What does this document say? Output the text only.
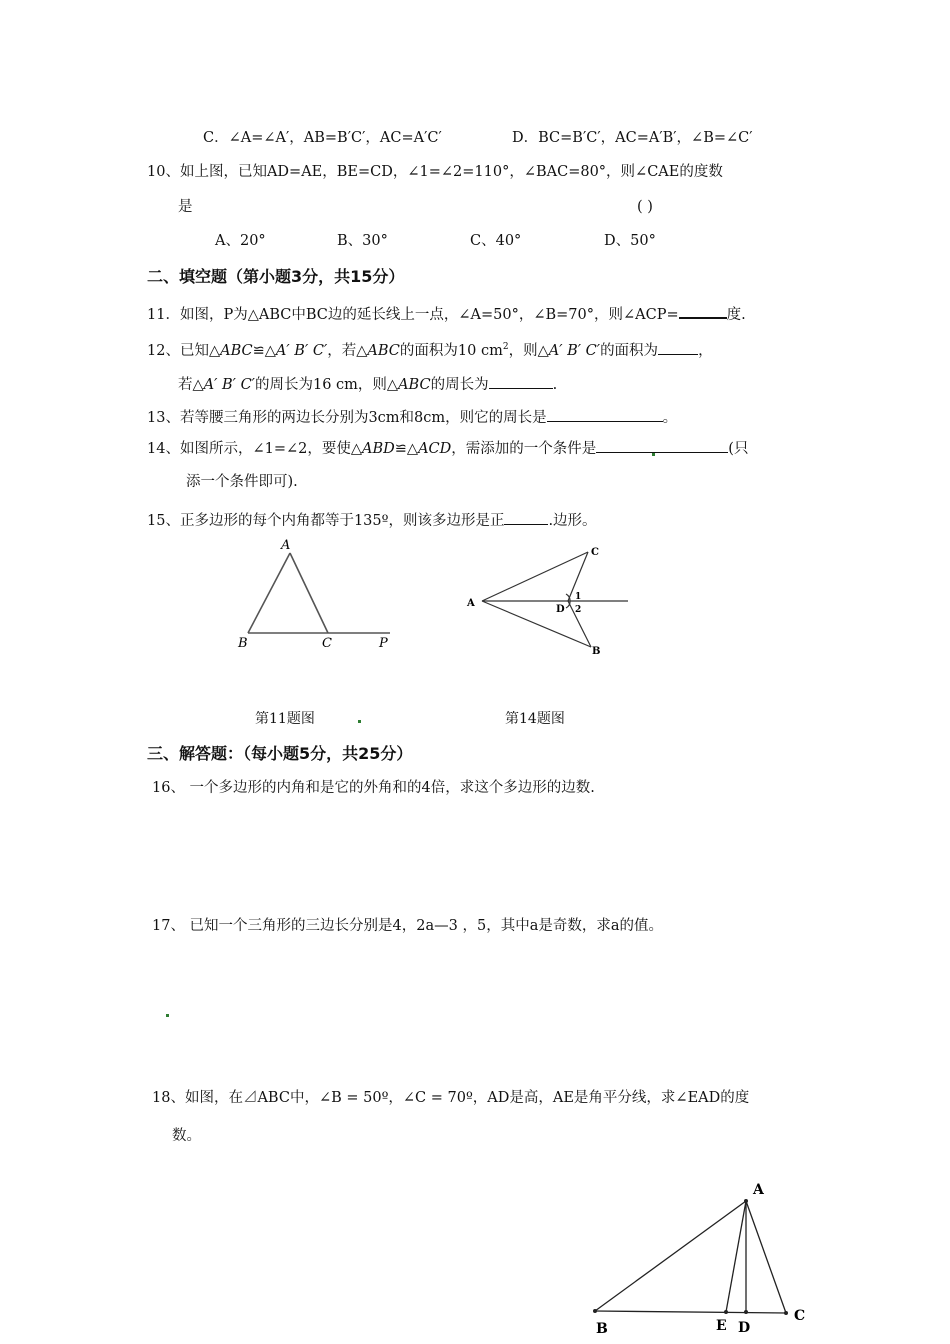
C．∠A=∠A′，AB=B′C′，AC=A′C′	D．BC=B′C′，AC=A′B′，∠B=∠C′
10、如上图，已知AD=AE，BE=CD，∠1=∠2=110°，∠BAC=80°，则∠CAE的度数
是	( )
A、20°	B、30°	C、40°	D、50°
二、填空题（第小题3分，共15分）
11．如图，P为△ABC中BC边的延长线上一点，∠A=50°，∠B=70°，则∠ACP=	度.
12、已知△ABC≌△A′ B′ C′，若△ABC的面积为10 $cm^2$，则△A′ B′ C′的面积为	，
若△A′ B′ C′的周长为16 cm，则△ABC的周长为	.
13、若等腰三角形的两边长分别为3cm和8cm，则它的周长是	。
14、如图所示，∠1=∠2，要使△ABD≌△ACD，需添加的一个条件是	(只
添一个条件即可).
15、正多边形的每个内角都等于135º，则该多边形是正	.边形。
A
B	C	P
A
C
B
D
1
2
第11题图	第14题图
三、解答题：（每小题5分，共25分）
16、 一个多边形的内角和是它的外角和的4倍，求这个多边形的边数.
17、 已知一个三角形的三边长分别是4，2a—3 ，5，其中a是奇数，求a的值。
18、如图，在⊿ABC中，∠B = 50º，∠C = 70º，AD是高，AE是角平分线，求∠EAD的度
数。
A
B	E D
C
